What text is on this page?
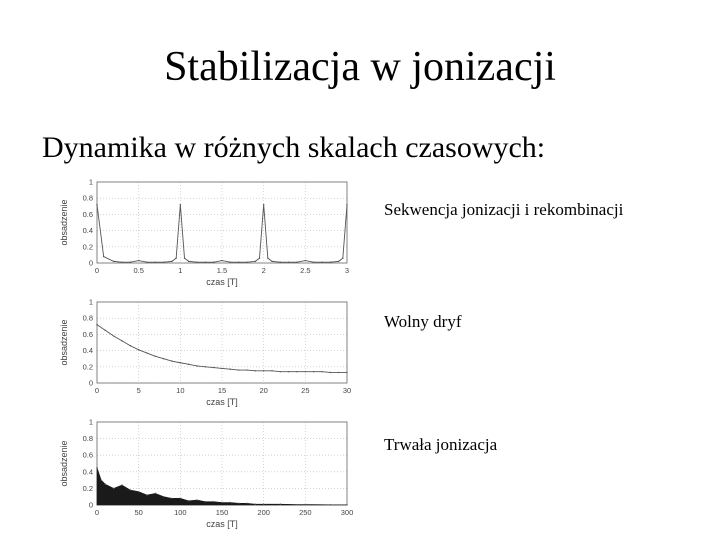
Stabilizacja w jonizacji
Dynamika w różnych skalach czasowych:
0	0.5	1	1.5	2	2.5	3
0
0.2
0.4
0.6
0.8
1
czas [T]
obsadzenie
0	5	10	15	20	25	30
0
0.2
0.4
0.6
0.8
1
czas [T]
obsadzenie
0	50	100	150	200	250	300
0
0.2
0.4
0.6
0.8
1
czas [T]
obsadzenie
Sekwencja jonizacji i rekombinacji
Wolny dryf
Trwała jonizacja
